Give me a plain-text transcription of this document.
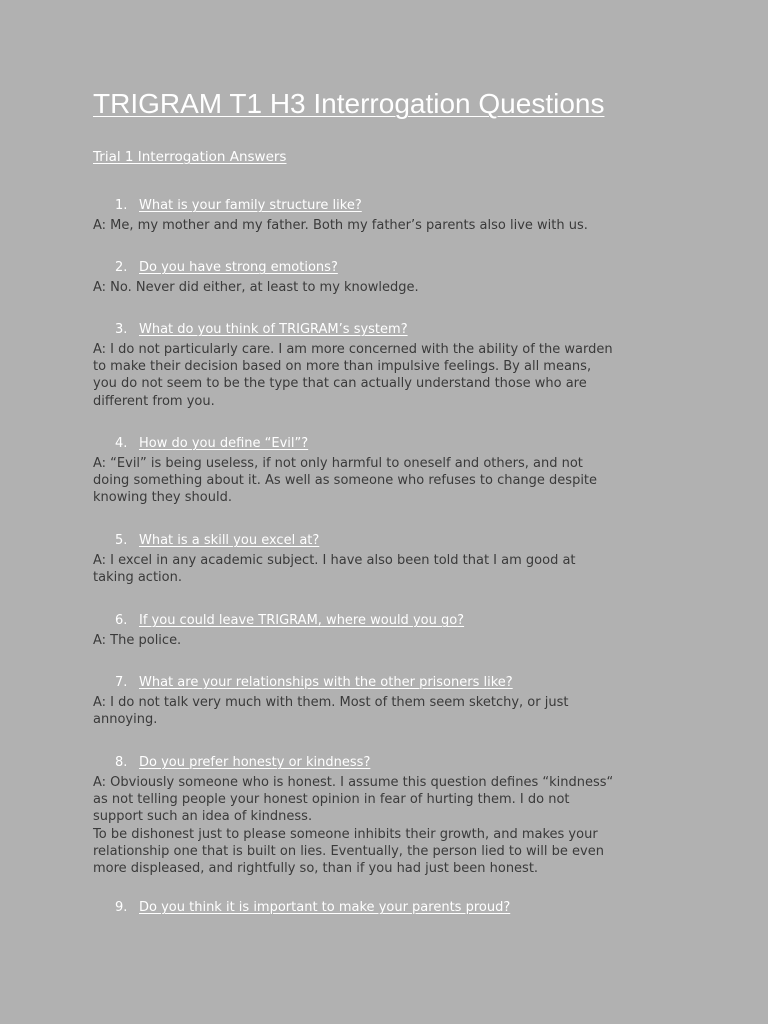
TRIGRAM T1 H3 Interrogation Questions
Trial 1 Interrogation Answers
1. What is your family structure like?
A: Me, my mother and my father. Both my father’s parents also live with us.
2. Do you have strong emotions?
A: No. Never did either, at least to my knowledge.
3. What do you think of TRIGRAM’s system?
A: I do not particularly care. I am more concerned with the ability of the warden
to make their decision based on more than impulsive feelings. By all means,
you do not seem to be the type that can actually understand those who are
different from you.
4. How do you define “Evil”?
A: “Evil” is being useless, if not only harmful to oneself and others, and not
doing something about it. As well as someone who refuses to change despite
knowing they should.
5. What is a skill you excel at?
A: I excel in any academic subject. I have also been told that I am good at
taking action.
6. If you could leave TRIGRAM, where would you go?
A: The police.
7. What are your relationships with the other prisoners like?
A: I do not talk very much with them. Most of them seem sketchy, or just
annoying.
8. Do you prefer honesty or kindness?
A: Obviously someone who is honest. I assume this question defines “kindness“
as not telling people your honest opinion in fear of hurting them. I do not
support such an idea of kindness.
To be dishonest just to please someone inhibits their growth, and makes your
relationship one that is built on lies. Eventually, the person lied to will be even
more displeased, and rightfully so, than if you had just been honest.
9. Do you think it is important to make your parents proud?
